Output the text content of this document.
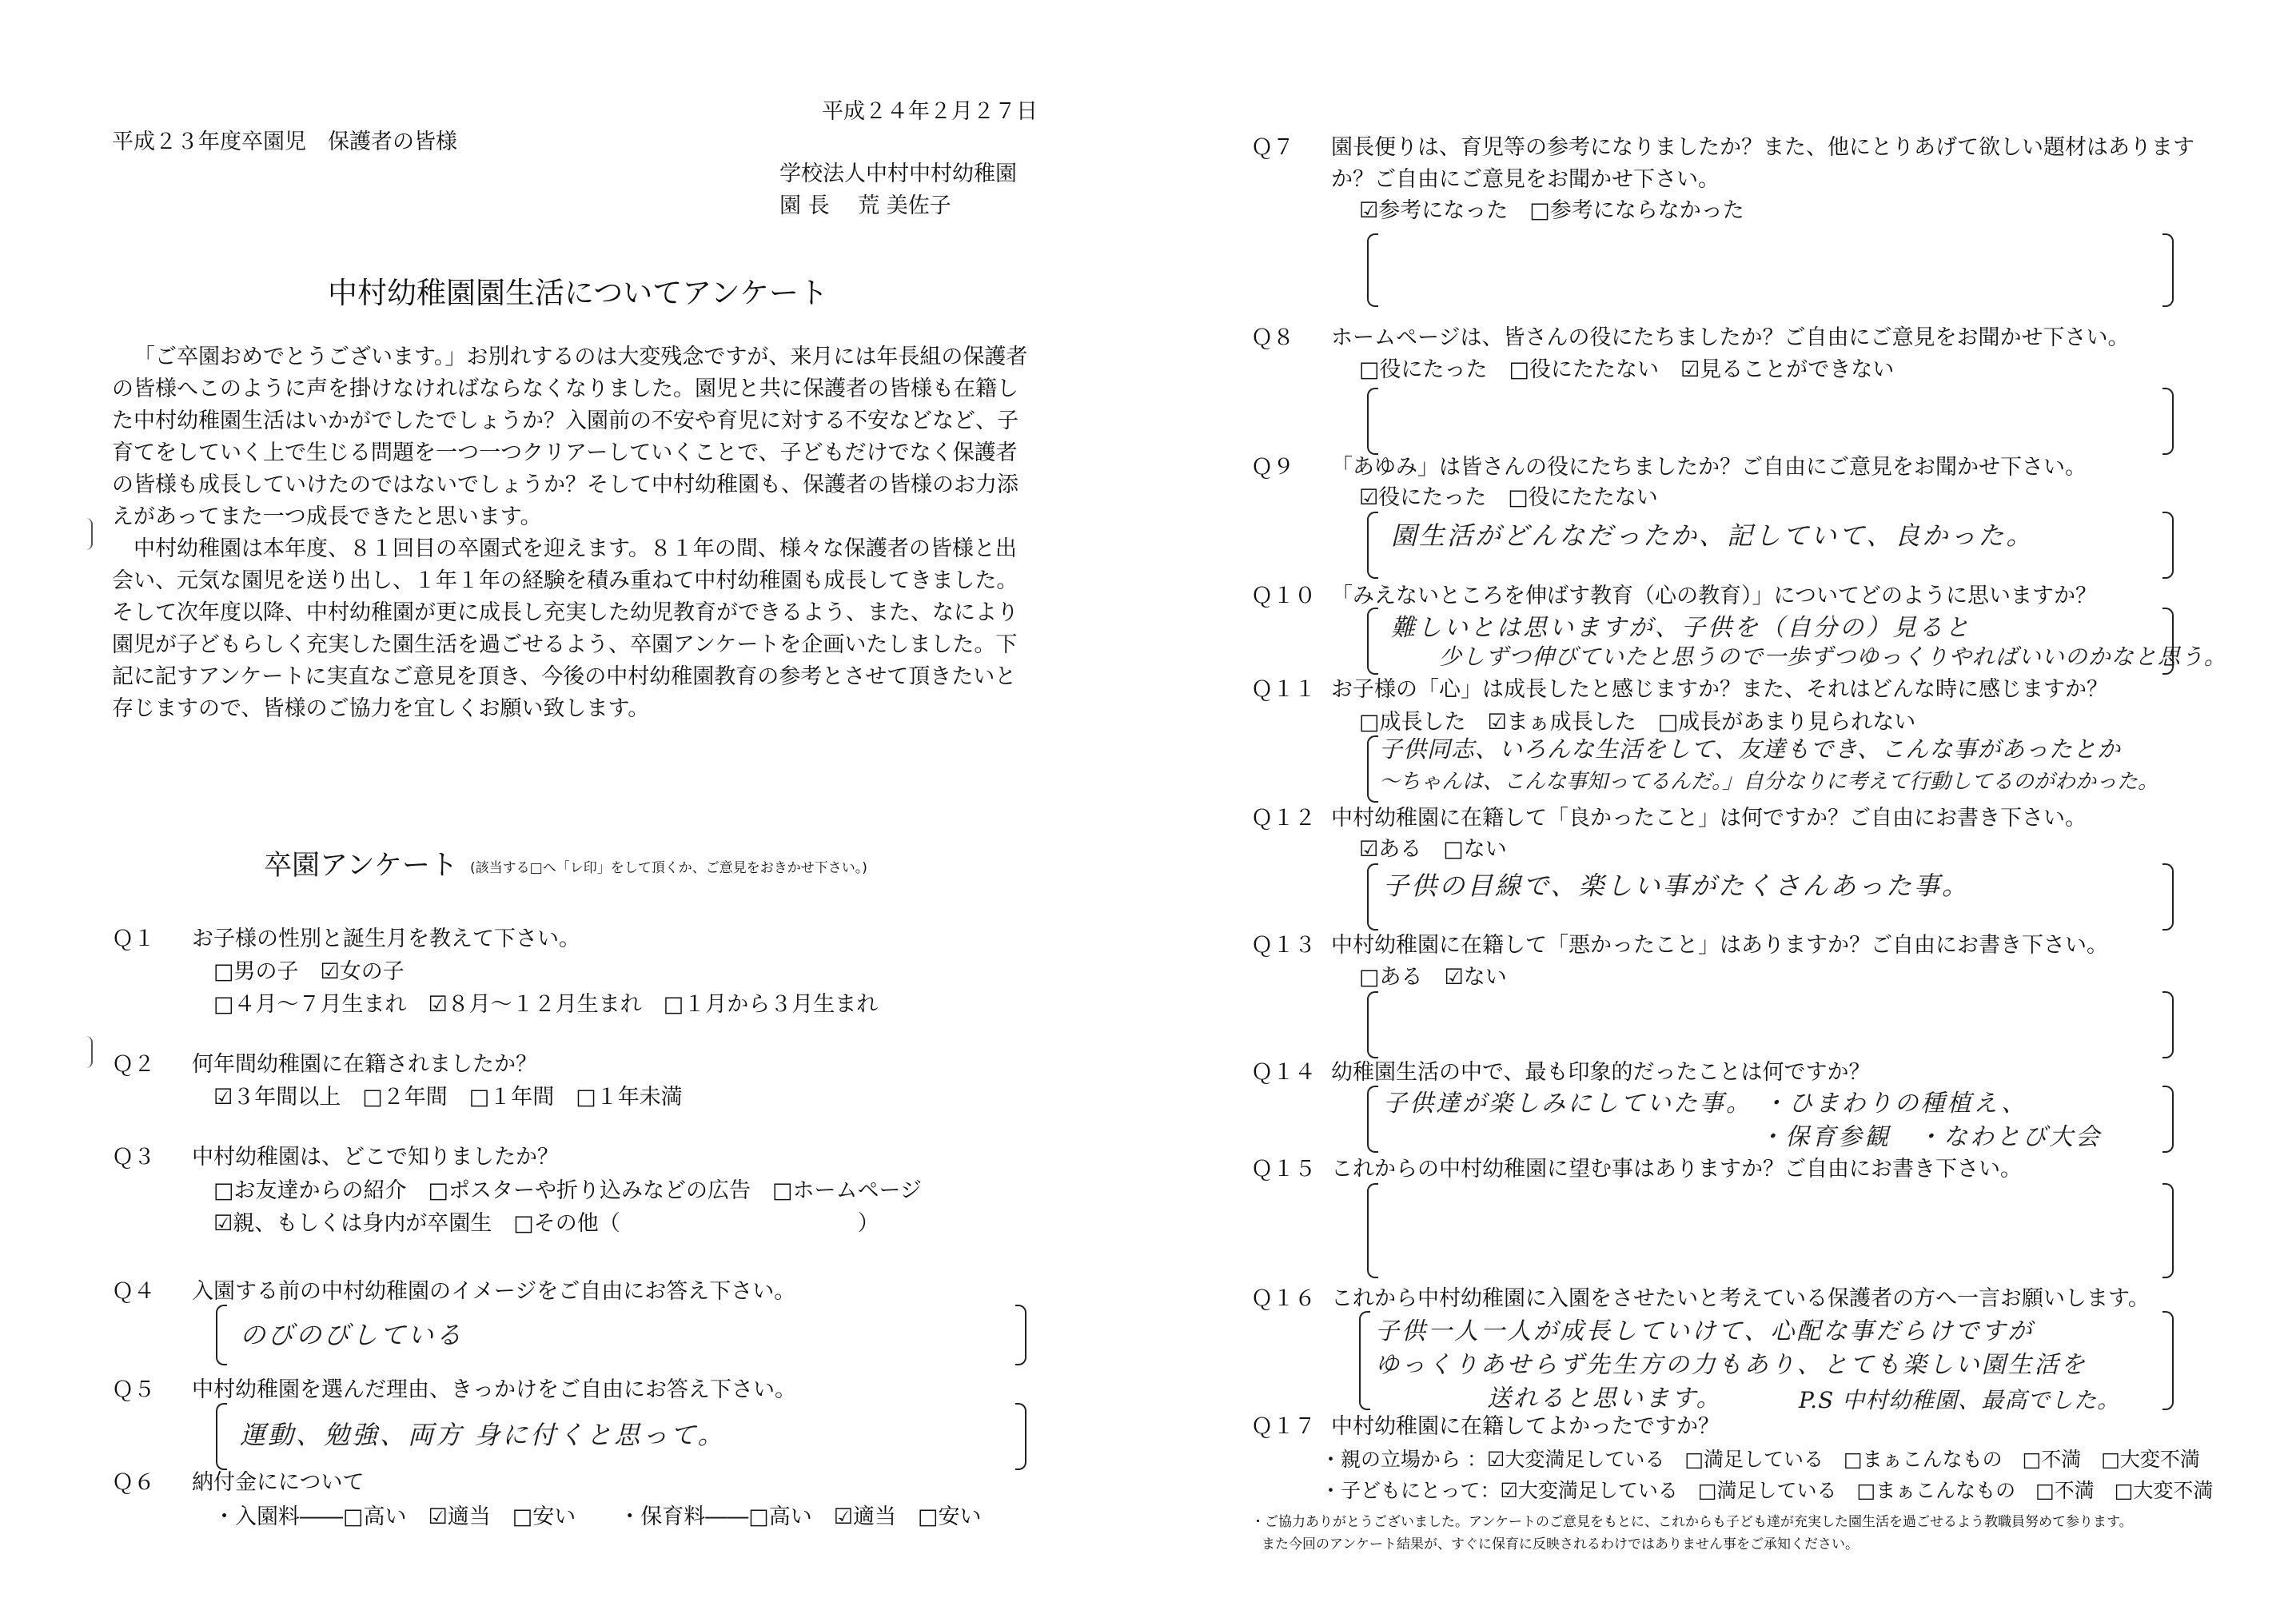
平成２４年２月２７日
平成２３年度卒園児　保護者の皆様
学校法人中村中村幼稚園
園 長　 荒 美佐子
中村幼稚園園生活についてアンケート

「ご卒園おめでとうございます。」お別れするのは大変残念ですが、来月には年長組の保護者の皆様へこのように声を掛けなければならなくなりました。園児と共に保護者の皆様も在籍した中村幼稚園生活はいかがでしたでしょうか？入園前の不安や育児に対する不安などなど、子育てをしていく上で生じる問題を一つ一つクリアーしていくことで、子どもだけでなく保護者の皆様も成長していけたのではないでしょうか？そして中村幼稚園も、保護者の皆様のお力添えがあってまた一つ成長できたと思います。

中村幼稚園は本年度、８１回目の卒園式を迎えます。８１年の間、様々な保護者の皆様と出会い、元気な園児を送り出し、１年１年の経験を積み重ねて中村幼稚園も成長してきました。そして次年度以降、中村幼稚園が更に成長し充実した幼児教育ができるよう、また、なにより園児が子どもらしく充実した園生活を過ごせるよう、卒園アンケートを企画いたしました。下記に記すアンケートに実直なご意見を頂き、今後の中村幼稚園教育の参考とさせて頂きたいと存じますので、皆様のご協力を宜しくお願い致します。

卒園アンケート (該当する□へ「レ印」をして頂くか、ご意見をおきかせ下さい。)
Ｑ１ お子様の性別と誕生月を教えて下さい。
□男の子　☑女の子
□４月～７月生まれ　☑８月～１２月生まれ　□１月から３月生まれ
Ｑ２ 何年間幼稚園に在籍されましたか？
☑３年間以上　□２年間　□１年間　□１年未満
Ｑ３ 中村幼稚園は、どこで知りましたか？
□お友達からの紹介　□ポスターや折り込みなどの広告　□ホームページ
☑親、もしくは身内が卒園生　□その他（　　　　　　　　　　　）
Ｑ４ 入園する前の中村幼稚園のイメージをご自由にお答え下さい。
のびのびしている
Ｑ５ 中村幼稚園を選んだ理由、きっかけをご自由にお答え下さい。
運動、勉強、両方 身に付くと思って。
Ｑ６ 納付金にについて
・入園料――□高い　☑適当　□安い　　・保育料――□高い　☑適当　□安い
Ｑ７ 園長便りは、育児等の参考になりましたか？また、他にとりあげて欲しい題材はあります
か？ご自由にご意見をお聞かせ下さい。
☑参考になった　□参考にならなかった
Ｑ８ ホームページは、皆さんの役にたちましたか？ご自由にご意見をお聞かせ下さい。
□役にたった　□役にたたない　☑見ることができない
Ｑ９ 「あゆみ」は皆さんの役にたちましたか？ご自由にご意見をお聞かせ下さい。
☑役にたった　□役にたたない
園生活がどんなだったか、記していて、良かった。
Ｑ１０ 「みえないところを伸ばす教育（心の教育）」についてどのように思いますか？
難しいとは思いますが、子供を（自分の）見ると
少しずつ伸びていたと思うので一歩ずつゆっくりやればいいのかなと思う。
Ｑ１１ お子様の「心」は成長したと感じますか？また、それはどんな時に感じますか？
□成長した　☑まぁ成長した　□成長があまり見られない
子供同志、いろんな生活をして、友達もでき、こんな事があったとか
〜ちゃんは、こんな事知ってるんだ。」自分なりに考えて行動してるのがわかった。
Ｑ１２ 中村幼稚園に在籍して「良かったこと」は何ですか？ご自由にお書き下さい。
☑ある　□ない
子供の目線で、楽しい事がたくさんあった事。
Ｑ１３ 中村幼稚園に在籍して「悪かったこと」はありますか？ご自由にお書き下さい。
□ある　☑ない
Ｑ１４ 幼稚園生活の中で、最も印象的だったことは何ですか？
子供達が楽しみにしていた事。 ・ひまわりの種植え、
・保育参観　・なわとび大会
Ｑ１５ これからの中村幼稚園に望む事はありますか？ご自由にお書き下さい。
Ｑ１６ これから中村幼稚園に入園をさせたいと考えている保護者の方へ一言お願いします。
子供一人一人が成長していけて、心配な事だらけですが
ゆっくりあせらず先生方の力もあり、とても楽しい園生活を
送れると思います。	P.S 中村幼稚園、最高でした。
Ｑ１７ 中村幼稚園に在籍してよかったですか？
・親の立場から ：☑大変満足している　□満足している　□まぁこんなもの　□不満　□大変不満
・子どもにとって：☑大変満足している　□満足している　□まぁこんなもの　□不満　□大変不満
・ご協力ありがとうございました。アンケートのご意見をもとに、これからも子ども達が充実した園生活を過ごせるよう教職員努めて参ります。
また今回のアンケート結果が、すぐに保育に反映されるわけではありません事をご承知ください。
